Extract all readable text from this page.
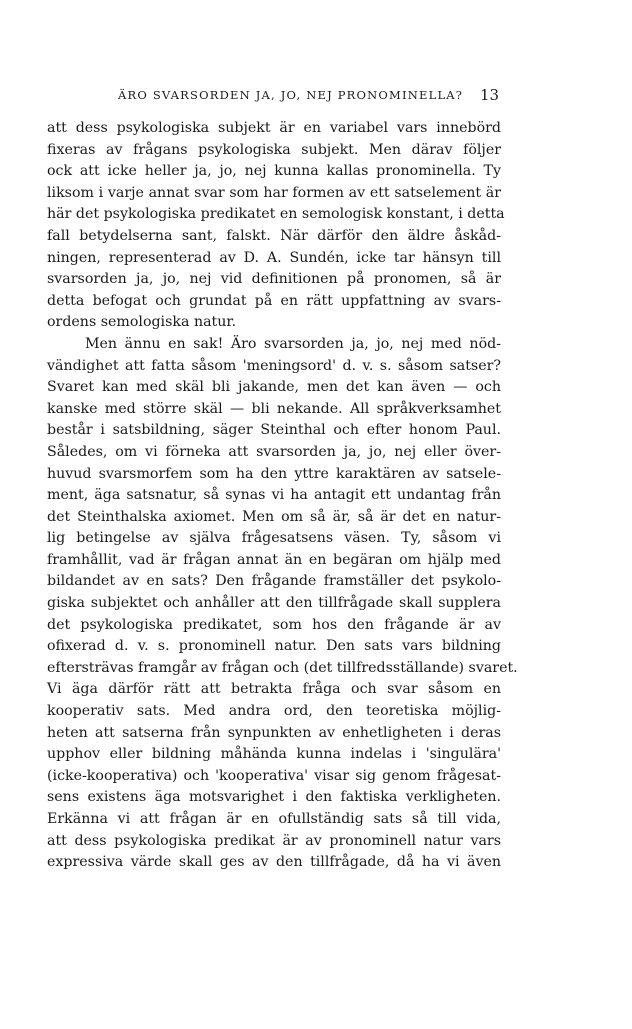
ÄRO SVARSORDEN JA, JO, NEJ PRONOMINELLA? 13
att dess psykologiska subjekt är en variabel vars innebörd
fixeras av frågans psykologiska subjekt. Men därav följer
ock att icke heller ja, jo, nej kunna kallas pronominella. Ty
liksom i varje annat svar som har formen av ett satselement är
här det psykologiska predikatet en semologisk konstant, i detta
fall betydelserna sant, falskt. När därför den äldre åskåd-
ningen, representerad av D. A. Sundén, icke tar hänsyn till
svarsorden ja, jo, nej vid definitionen på pronomen, så är
detta befogat och grundat på en rätt uppfattning av svars-
ordens semologiska natur.
Men ännu en sak! Äro svarsorden ja, jo, nej med nöd-
vändighet att fatta såsom 'meningsord' d. v. s. såsom satser?
Svaret kan med skäl bli jakande, men det kan även — och
kanske med större skäl — bli nekande. All språkverksamhet
består i satsbildning, säger Steinthal och efter honom Paul.
Således, om vi förneka att svarsorden ja, jo, nej eller över-
huvud svarsmorfem som ha den yttre karaktären av satsele-
ment, äga satsnatur, så synas vi ha antagit ett undantag från
det Steinthalska axiomet. Men om så är, så är det en natur-
lig betingelse av själva frågesatsens väsen. Ty, såsom vi
framhållit, vad är frågan annat än en begäran om hjälp med
bildandet av en sats? Den frågande framställer det psykolo-
giska subjektet och anhåller att den tillfrågade skall supplera
det psykologiska predikatet, som hos den frågande är av
ofixerad d. v. s. pronominell natur. Den sats vars bildning
eftersträvas framgår av frågan och (det tillfredsställande) svaret.
Vi äga därför rätt att betrakta fråga och svar såsom en
kooperativ sats. Med andra ord, den teoretiska möjlig-
heten att satserna från synpunkten av enhetligheten i deras
upphov eller bildning måhända kunna indelas i 'singulära'
(icke-kooperativa) och 'kooperativa' visar sig genom frågesat-
sens existens äga motsvarighet i den faktiska verkligheten.
Erkänna vi att frågan är en ofullständig sats så till vida,
att dess psykologiska predikat är av pronominell natur vars
expressiva värde skall ges av den tillfrågade, då ha vi även
